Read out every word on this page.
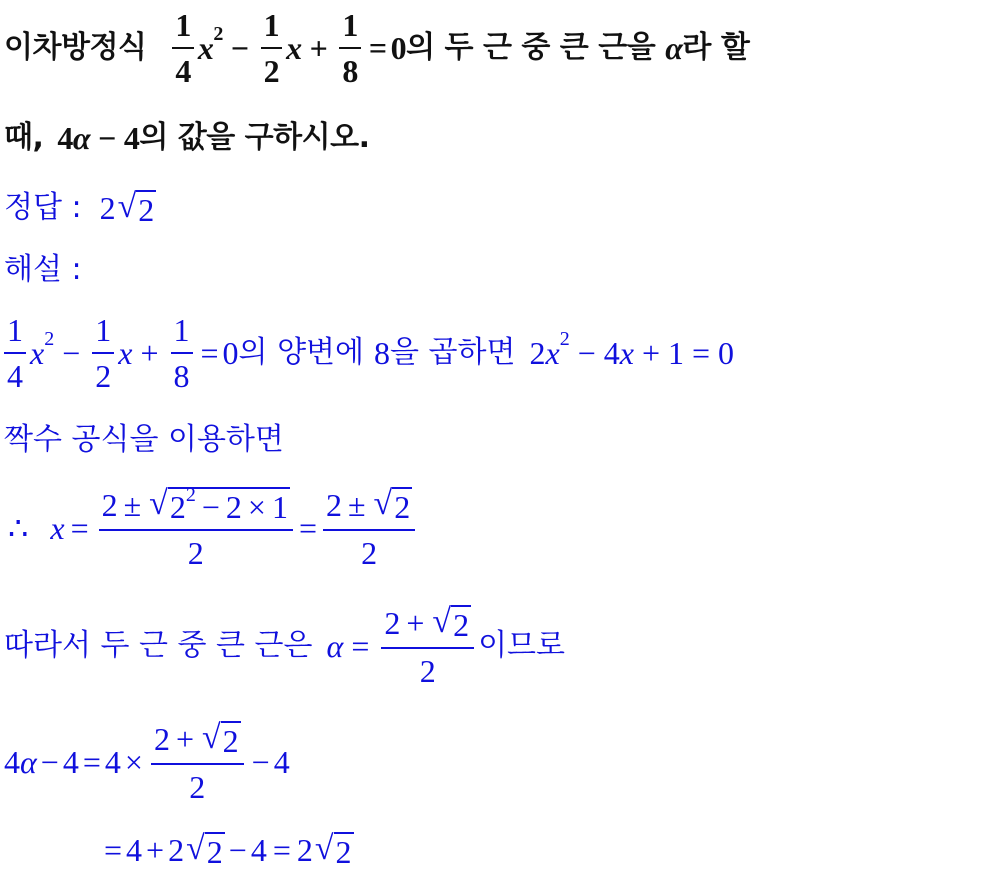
이차방정식 $\frac{1}{4}$ x $2 - \frac{1}{2}$ $x + \frac{1}{8} = 0$ 의 두 근 중 큰 근을 α 라 할
때, 4 α − 4 의 값을 구하시오.
정답 : 2 √ 2
해설 :
$\frac{1}{4}$ x $2 - \frac{1}{2}$ $x + \frac{1}{8} = 0$ 의 양변에 8 을 곱하면 2 x 2 − 4 x + 1 = 0
짝수 공식을 이용하면
∴ x =
2 ± √ 2 2 − 2 × 1
2
= $\frac{2 \pm √ 2}{2}$
따라서 두 근 중 큰 근은 $\alpha = \frac{2 + √ 2}{2}$ 이므로
4 $\alpha - 4 = 4 \times \frac{2 + √ 2}{2} - 4$
= 4 + 2 √ 2 − 4 = 2 √ 2
